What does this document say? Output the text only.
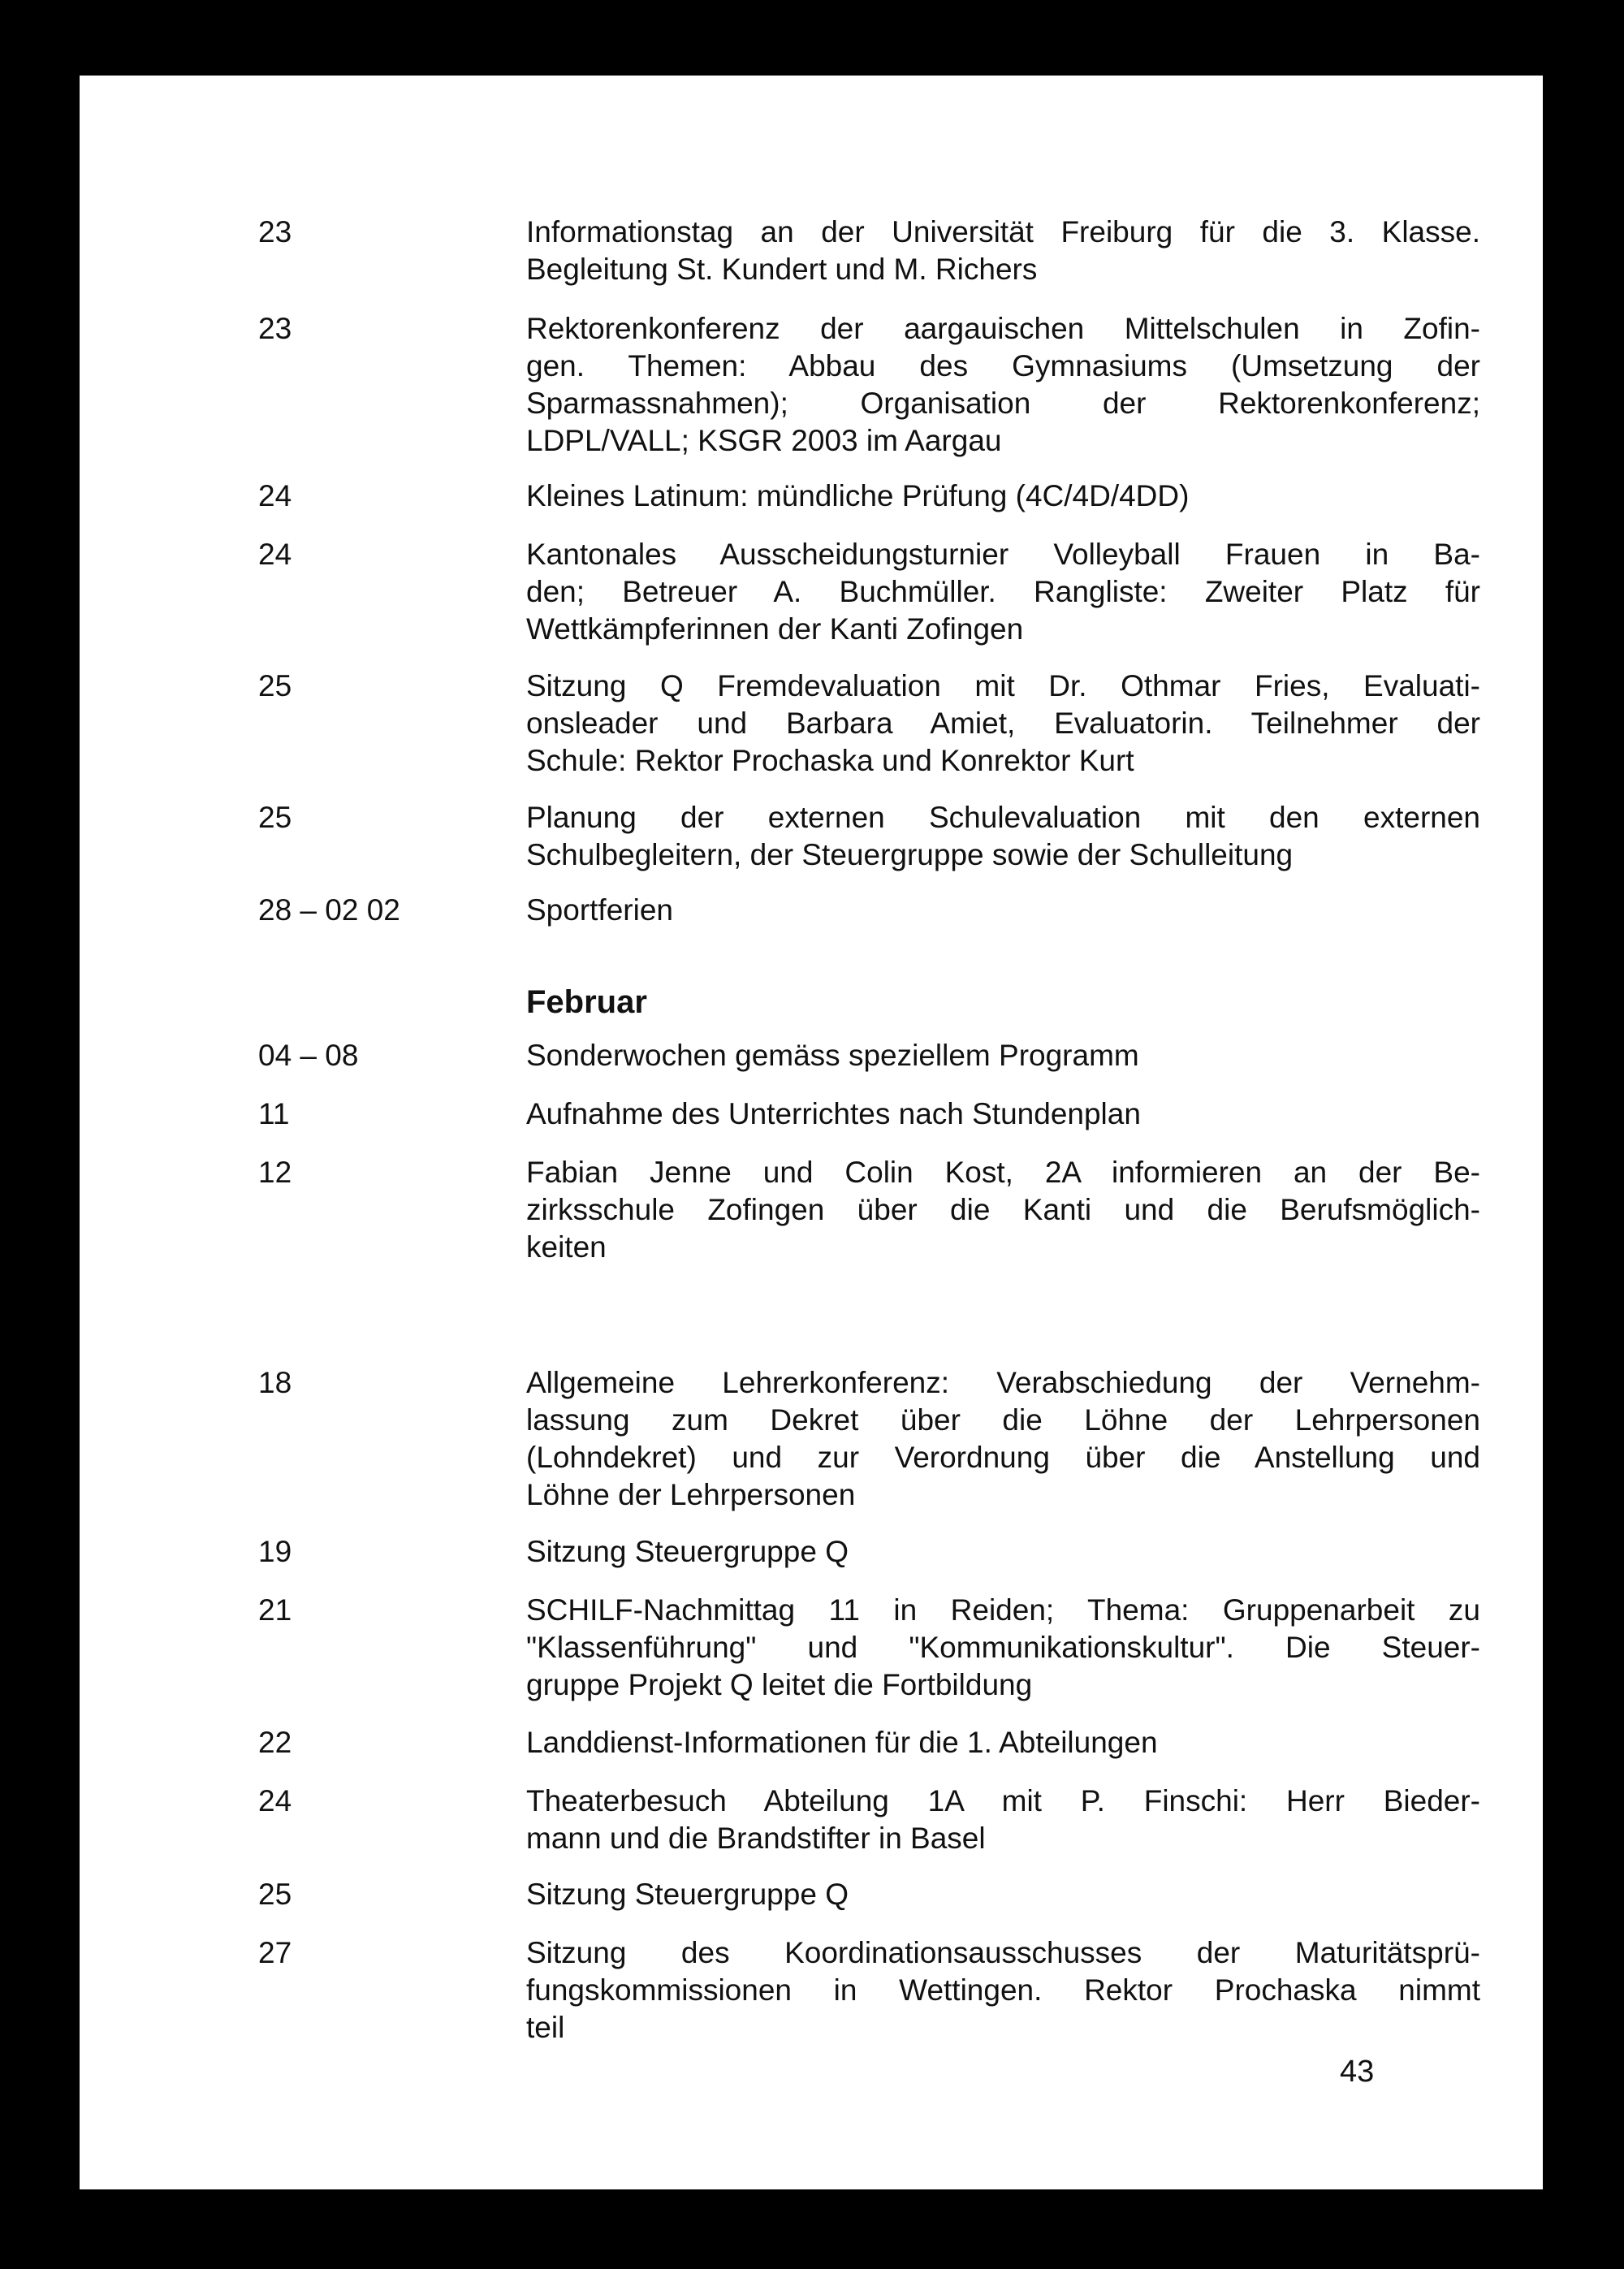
23	Informationstag an der Universität Freiburg für die 3. Klasse.
Begleitung St. Kundert und M. Richers
23	Rektorenkonferenz der aargauischen Mittelschulen in Zofin-
gen. Themen: Abbau des Gymnasiums (Umsetzung der
Sparmassnahmen); Organisation der Rektorenkonferenz;
LDPL/VALL; KSGR 2003 im Aargau
24	Kleines Latinum: mündliche Prüfung (4C/4D/4DD)
24	Kantonales Ausscheidungsturnier Volleyball Frauen in Ba-
den; Betreuer A. Buchmüller. Rangliste: Zweiter Platz für
Wettkämpferinnen der Kanti Zofingen
25	Sitzung Q Fremdevaluation mit Dr. Othmar Fries, Evaluati-
onsleader und Barbara Amiet, Evaluatorin. Teilnehmer der
Schule: Rektor Prochaska und Konrektor Kurt
25	Planung der externen Schulevaluation mit den externen
Schulbegleitern, der Steuergruppe sowie der Schulleitung
28 – 02 02	Sportferien
Februar
04 – 08	Sonderwochen gemäss speziellem Programm
11	Aufnahme des Unterrichtes nach Stundenplan
12	Fabian Jenne und Colin Kost, 2A informieren an der Be-
zirksschule Zofingen über die Kanti und die Berufsmöglich-
keiten
18	Allgemeine Lehrerkonferenz: Verabschiedung der Vernehm-
lassung zum Dekret über die Löhne der Lehrpersonen
(Lohndekret) und zur Verordnung über die Anstellung und
Löhne der Lehrpersonen
19	Sitzung Steuergruppe Q
21	SCHILF-Nachmittag 11 in Reiden; Thema: Gruppenarbeit zu
"Klassenführung" und "Kommunikationskultur". Die Steuer-
gruppe Projekt Q leitet die Fortbildung
22	Landdienst-Informationen für die 1. Abteilungen
24	Theaterbesuch Abteilung 1A mit P. Finschi: Herr Bieder-
mann und die Brandstifter in Basel
25	Sitzung Steuergruppe Q
27	Sitzung des Koordinationsausschusses der Maturitätsprü-
fungskommissionen in Wettingen. Rektor Prochaska nimmt
teil
43
